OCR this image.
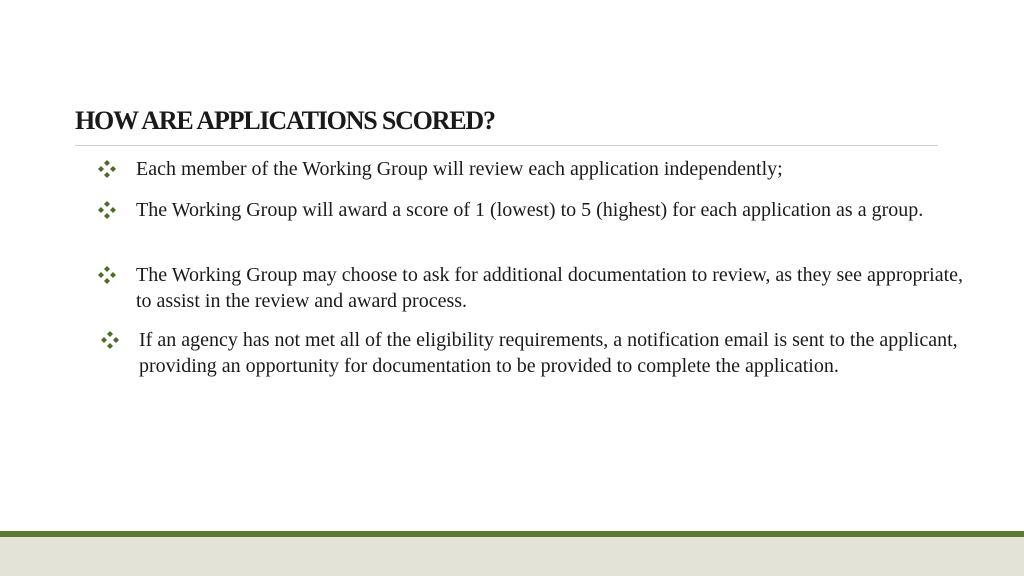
HOW ARE APPLICATIONS SCORED?
Each member of the Working Group will review each application independently;
The Working Group will award a score of 1 (lowest) to 5 (highest) for each application as a group.
The Working Group may choose to ask for additional documentation to review, as they see appropriate, to assist in the review and award process.
If an agency has not met all of the eligibility requirements, a notification email is sent to the applicant, providing an opportunity for documentation to be provided to complete the application.
